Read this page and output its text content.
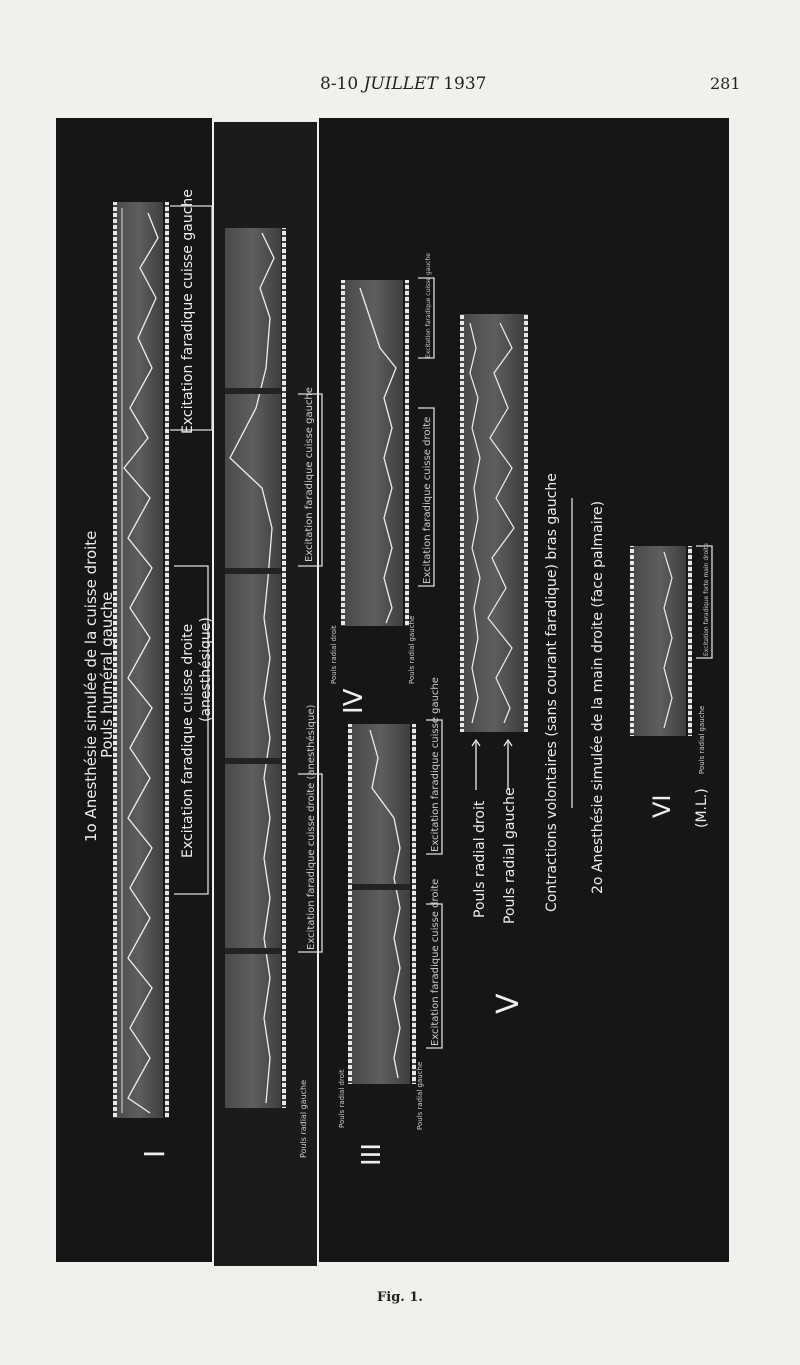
8-10 JUILLET 1937	281
1o Anesthésie simulée de la cuisse droite
Pouls huméral gauche
Excitation faradique cuisse gauche
Excitation faradique cuisse droite (anesthésique)
I
Excitation faradique cuisse gauche
Excitation faradique cuisse droite (anesthésique)
Pouls radial gauche
IV
Pouls radial droit	Pouls radial gauche
Excitation faradique cuisse gauche
Excitation faradique cuisse droite
III
Pouls radial droit	Pouls radial gauche
Excitation faradique cuisse gauche
Excitation faradique cuisse droite
Pouls radial droit Pouls radial gauche
V
Contractions volontaires (sans courant faradique) bras gauche 2o Anesthésie simulée de la main droite (face palmaire) VI (M.L.)
Pouls radial gauche
Excitation faradique forte main droite
Fig. 1.
